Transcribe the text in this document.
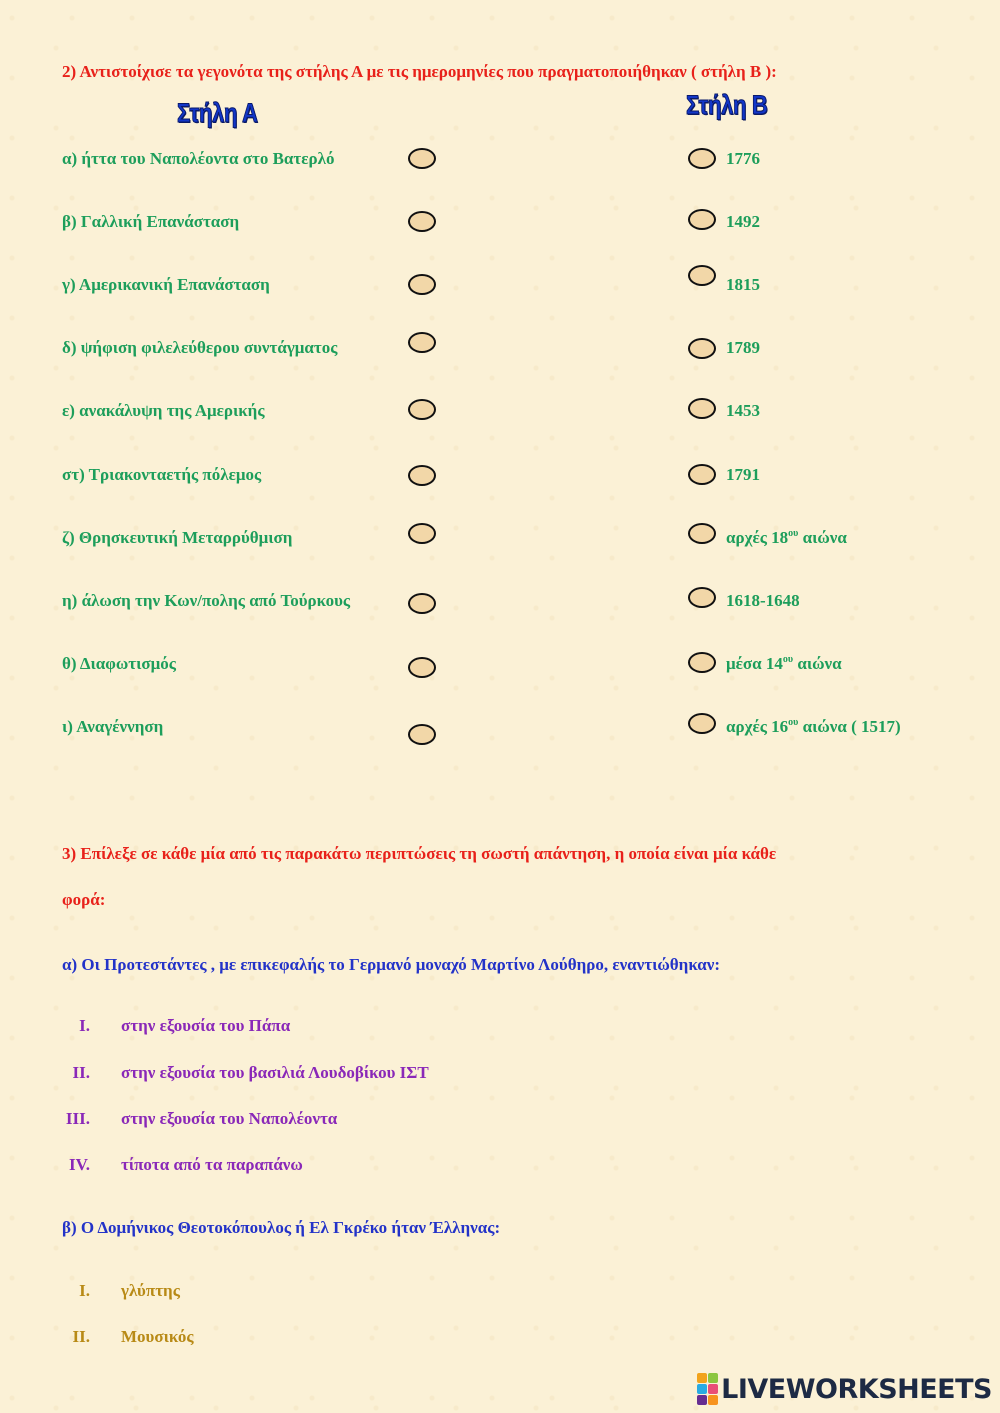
2) Αντιστοίχισε τα γεγονότα της στήλης Α με τις ημερομηνίες που πραγματοποιήθηκαν ( στήλη Β ):
Στήλη Α	Στήλη Β
α) ήττα του Ναπολέοντα στο Βατερλό
β) Γαλλική Επανάσταση
γ) Αμερικανική Επανάσταση
δ) ψήφιση φιλελεύθερου συντάγματος
ε) ανακάλυψη της Αμερικής
στ) Τριακονταετής πόλεμος
ζ) Θρησκευτική Μεταρρύθμιση
η) άλωση την Κων/πολης από Τούρκους
θ) Διαφωτισμός
ι) Αναγέννηση
1776
1492
1815
1789
1453
1791
αρχές $18^{o\upsilon}$ αιώνα
1618-1648
μέσα $14^{o\upsilon}$ αιώνα
αρχές $16^{o\upsilon}$ αιώνα ( 1517)
3) Επίλεξε σε κάθε μία από τις παρακάτω περιπτώσεις τη σωστή απάντηση, η οποία είναι μία κάθε
φορά:
α) Οι Προτεστάντες , με επικεφαλής το Γερμανό μοναχό Μαρτίνο Λούθηρο, εναντιώθηκαν:
I. στην εξουσία του Πάπα
II. στην εξουσία του βασιλιά Λουδοβίκου ΙΣΤ
III. στην εξουσία του Ναπολέοντα
IV. τίποτα από τα παραπάνω
β) Ο Δομήνικος Θεοτοκόπουλος ή Ελ Γκρέκο ήταν Έλληνας:
I. γλύπτης
II. Μουσικός
LIVEWORKSHEETS
